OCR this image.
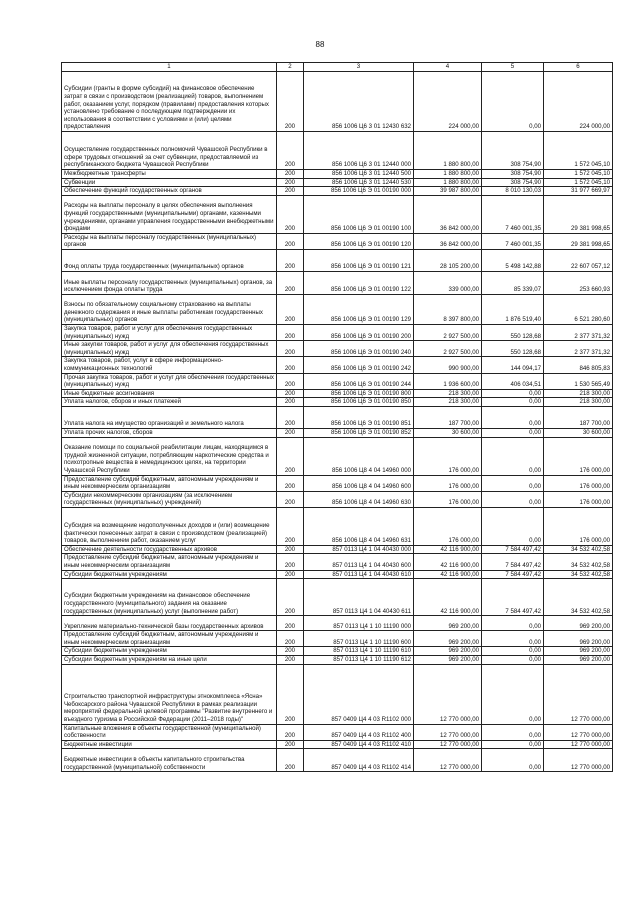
88
1	2	3	4	5	6
Субсидии (гранты в форме субсидий) на финансовое обеспечение затрат в связи с производством (реализацией) товаров, выполнением работ, оказанием услуг, порядком (правилами) предоставления которых установлено требование о последующем подтверждении их использования в соответствии с условиями и (или) целями предоставления	200	856 1006 Ц6 3 01 12430 632	224 000,00	0,00	224 000,00
Осуществление государственных полномочий Чувашской Республики в сфере трудовых отношений за счет субвенции, предоставляемой из республиканского бюджета Чувашской Республики	200	856 1006 Ц6 3 01 12440 000	1 880 800,00	308 754,90	1 572 045,10
Межбюджетные трансферты	200	856 1006 Ц6 3 01 12440 500	1 880 800,00	308 754,90	1 572 045,10
Субвенции	200	856 1006 Ц6 3 01 12440 530	1 880 800,00	308 754,90	1 572 045,10
Обеспечение функций государственных органов	200	856 1006 Ц6 Э 01 00190 000	39 987 800,00	8 010 130,03	31 977 669,97
Расходы на выплаты персоналу в целях обеспечения выполнения функций государственными (муниципальными) органами, казенными учреждениями, органами управления государственными внебюджетными фондами	200	856 1006 Ц6 Э 01 00190 100	36 842 000,00	7 460 001,35	29 381 998,65
Расходы на выплаты персоналу государственных (муниципальных) органов	200	856 1006 Ц6 Э 01 00190 120	36 842 000,00	7 460 001,35	29 381 998,65
Фонд оплаты труда государственных (муниципальных) органов	200	856 1006 Ц6 Э 01 00190 121	28 105 200,00	5 498 142,88	22 607 057,12
Иные выплаты персоналу государственных (муниципальных) органов, за исключением фонда оплаты труда	200	856 1006 Ц6 Э 01 00190 122	339 000,00	85 339,07	253 660,93
Взносы по обязательному социальному страхованию на выплаты денежного содержания и иные выплаты работникам государственных (муниципальных) органов	200	856 1006 Ц6 Э 01 00190 129	8 397 800,00	1 876 519,40	6 521 280,60
Закупка товаров, работ и услуг для обеспечения государственных (муниципальных) нужд	200	856 1006 Ц6 Э 01 00190 200	2 927 500,00	550 128,68	2 377 371,32
Иные закупки товаров, работ и услуг для обеспечения государственных (муниципальных) нужд	200	856 1006 Ц6 Э 01 00190 240	2 927 500,00	550 128,68	2 377 371,32
Закупка товаров, работ, услуг в сфере информационно-коммуникационных технологий	200	856 1006 Ц6 Э 01 00190 242	990 900,00	144 094,17	846 805,83
Прочая закупка товаров, работ и услуг для обеспечения государственных (муниципальных) нужд	200	856 1006 Ц6 Э 01 00190 244	1 936 600,00	406 034,51	1 530 565,49
Иные бюджетные ассигнования	200	856 1006 Ц6 Э 01 00190 800	218 300,00	0,00	218 300,00
Уплата налогов, сборов и иных платежей	200	856 1006 Ц6 Э 01 00190 850	218 300,00	0,00	218 300,00
Уплата налога на имущество организаций и земельного налога	200	856 1006 Ц6 Э 01 00190 851	187 700,00	0,00	187 700,00
Уплата прочих налогов, сборов	200	856 1006 Ц6 Э 01 00190 852	30 600,00	0,00	30 600,00
Оказание помощи по социальной реабилитации лицам, находящимся в трудной жизненной ситуации, потребляющим наркотические средства и психотропные вещества в немедицинских целях, на территории Чувашской Республики	200	856 1006 Ц8 4 04 14960 000	176 000,00	0,00	176 000,00
Предоставление субсидий бюджетным, автономным учреждениям и иным некоммерческим организациям	200	856 1006 Ц8 4 04 14960 600	176 000,00	0,00	176 000,00
Субсидии некоммерческим организациям (за исключением государственных (муниципальных) учреждений)	200	856 1006 Ц8 4 04 14960 630	176 000,00	0,00	176 000,00
Субсидия на возмещение недополученных доходов и (или) возмещение фактически понесенных затрат в связи с производством (реализацией) товаров, выполнением работ, оказанием услуг	200	856 1006 Ц8 4 04 14960 631	176 000,00	0,00	176 000,00
Обеспечение деятельности государственных архивов	200	857 0113 Ц4 1 04 40430 000	42 116 900,00	7 584 497,42	34 532 402,58
Предоставление субсидий бюджетным, автономным учреждениям и иным некоммерческим организациям	200	857 0113 Ц4 1 04 40430 600	42 116 900,00	7 584 497,42	34 532 402,58
Субсидии бюджетным учреждениям	200	857 0113 Ц4 1 04 40430 610	42 116 900,00	7 584 497,42	34 532 402,58
Субсидии бюджетным учреждениям на финансовое обеспечение государственного (муниципального) задания на оказание государственных (муниципальных) услуг (выполнение работ)	200	857 0113 Ц4 1 04 40430 611	42 116 900,00	7 584 497,42	34 532 402,58
Укрепление материально-технической базы государственных архивов	200	857 0113 Ц4 1 10 11190 000	969 200,00	0,00	969 200,00
Предоставление субсидий бюджетным, автономным учреждениям и иным некоммерческим организациям	200	857 0113 Ц4 1 10 11190 600	969 200,00	0,00	969 200,00
Субсидии бюджетным учреждениям	200	857 0113 Ц4 1 10 11190 610	969 200,00	0,00	969 200,00
Субсидии бюджетным учреждениям на иные цели	200	857 0113 Ц4 1 10 11190 612	969 200,00	0,00	969 200,00
Строительство транспортной инфраструктуры этнокомплекса «Ясна» Чебоксарского района Чувашской Республики в рамках реализации мероприятий федеральной целевой программы "Развитие внутреннего и въездного туризма в Российской Федерации (2011–2018 годы)"	200	857 0409 Ц4 4 03 R1102 000	12 770 000,00	0,00	12 770 000,00
Капитальные вложения в объекты государственной (муниципальной) собственности	200	857 0409 Ц4 4 03 R1102 400	12 770 000,00	0,00	12 770 000,00
Бюджетные инвестиции	200	857 0409 Ц4 4 03 R1102 410	12 770 000,00	0,00	12 770 000,00
Бюджетные инвестиции в объекты капитального строительства государственной (муниципальной) собственности	200	857 0409 Ц4 4 03 R1102 414	12 770 000,00	0,00	12 770 000,00
